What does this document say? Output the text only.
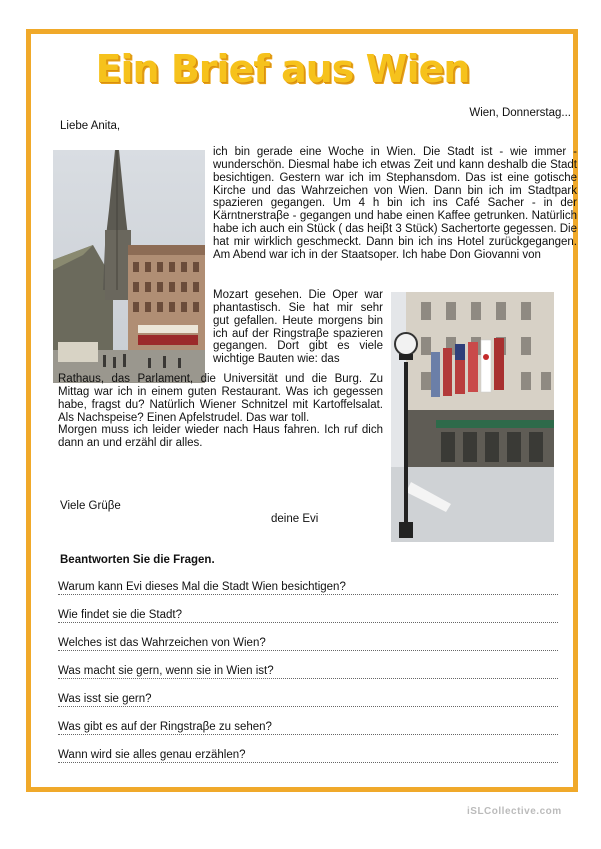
Ein Brief aus Wien
Wien, Donnerstag...
Liebe Anita,
ich bin gerade eine Woche in Wien. Die Stadt ist - wie immer - wunderschön. Diesmal habe ich etwas Zeit und kann deshalb die Stadt besichtigen. Gestern war ich im Stephansdom. Das ist eine gotische Kirche und das Wahrzeichen von Wien. Dann bin ich im Stadtpark spazieren gegangen. Um 4 h bin ich ins Café Sacher - in der Kärntnerstraβe - gegangen und habe einen Kaffee getrunken. Natürlich habe ich auch ein Stück ( das heiβt 3 Stück) Sachertorte gegessen. Die hat mir wirklich geschmeckt. Dann bin ich ins Hotel zurückgegangen. Am Abend war ich in der Staatsoper. Ich habe Don Giovanni von
Mozart gesehen. Die Oper war phantastisch. Sie hat mir sehr gut gefallen. Heute morgens bin ich auf der Ringstraβe spazieren gegangen. Dort gibt es viele wichtige Bauten wie: das
Rathaus, das Parlament, die Universität und die Burg. Zu Mittag war ich in einem guten Restaurant. Was ich gegessen habe, fragst du? Natürlich Wiener Schnitzel mit Kartoffelsalat. Als Nachspeise? Einen Apfelstrudel. Das war toll.
Morgen muss ich leider wieder nach Haus fahren. Ich ruf dich dann an und erzähl dir alles.
Viele Grüβe
deine Evi
Beantworten Sie die Fragen.
Warum kann Evi dieses Mal die Stadt Wien besichtigen?
Wie findet sie die Stadt?
Welches ist das Wahrzeichen von Wien?
Was macht sie gern, wenn sie in Wien ist?
Was isst sie gern?
Was gibt es auf der Ringstraβe zu sehen?
Wann wird sie alles genau erzählen?
iSLCollective.com
